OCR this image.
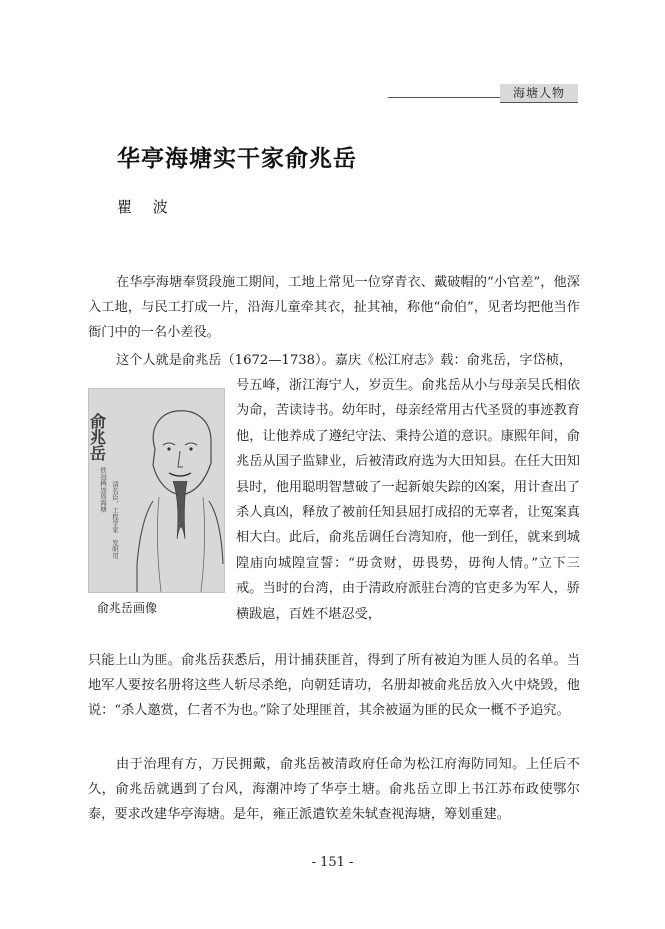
海塘人物
华亭海塘实干家俞兆岳
瞿 波

在华亭海塘奉贤段施工期间，工地上常见一位穿青衣、戴破帽的“小官差”，他深入工地，与民工打成一片，沿海儿童牵其衣，扯其袖，称他“俞伯”，见者均把他当作衙门中的一名小差役。

这个人就是俞兆岳（1672—1738）。嘉庆《松江府志》载：俞兆岳，字岱桢，

俞兆岳
铁冠稗加周海塘 清名臣，工程学家　发明用
俞兆岳画像

号五峰，浙江海宁人，岁贡生。俞兆岳从小与母亲吴氏相依为命，苦读诗书。幼年时，母亲经常用古代圣贤的事迹教育他，让他养成了遵纪守法、秉持公道的意识。康熙年间，俞兆岳从国子监肄业，后被清政府选为大田知县。在任大田知县时，他用聪明智慧破了一起新娘失踪的凶案，用计查出了杀人真凶，释放了被前任知县屈打成招的无辜者，让冤案真相大白。此后，俞兆岳调任台湾知府，他一到任，就来到城隍庙向城隍宣誓：“毋贪财，毋畏势，毋徇人情。”立下三戒。当时的台湾，由于清政府派驻台湾的官吏多为军人，骄横跋扈，百姓不堪忍受，

只能上山为匪。俞兆岳获悉后，用计捕获匪首，得到了所有被迫为匪人员的名单。当地军人要按名册将这些人斩尽杀绝，向朝廷请功，名册却被俞兆岳放入火中烧毁，他说：“杀人邀赏，仁者不为也。”除了处理匪首，其余被逼为匪的民众一概不予追究。

由于治理有方，万民拥戴，俞兆岳被清政府任命为松江府海防同知。上任后不久，俞兆岳就遇到了台风，海潮冲垮了华亭土塘。俞兆岳立即上书江苏布政使鄂尔泰，要求改建华亭海塘。是年，雍正派遣钦差朱轼查视海塘，筹划重建。

- 151 -
